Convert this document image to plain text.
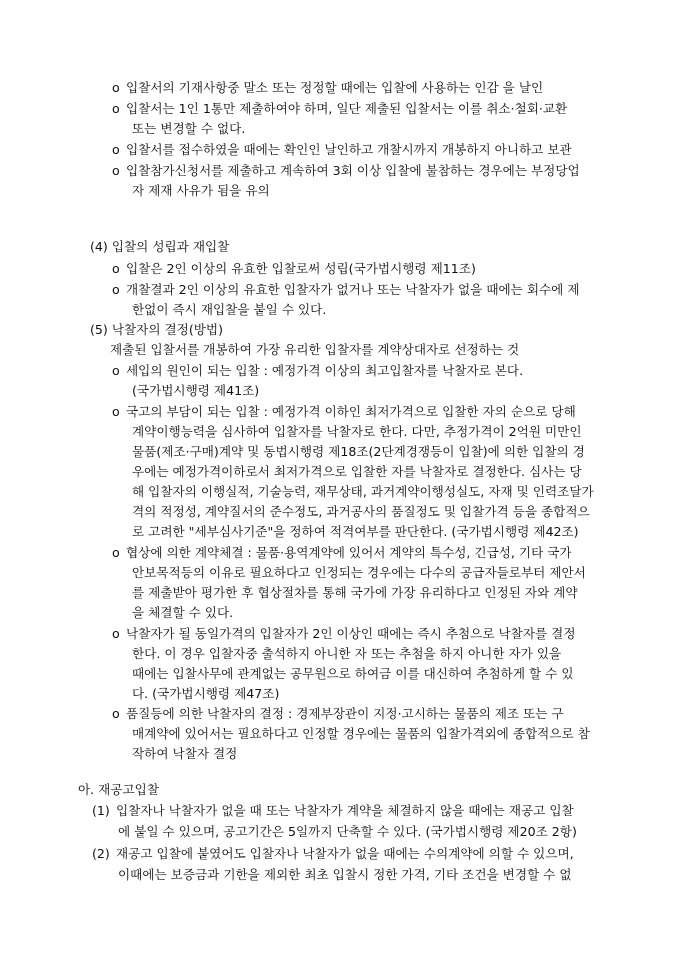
o 입찰서의 기재사항중 말소 또는 정정할 때에는 입찰에 사용하는 인감 을 날인
o 입찰서는 1인 1통만 제출하여야 하며, 일단 제출된 입찰서는 이를 취소·철회·교환
또는 변경할 수 없다.
o 입찰서를 접수하였을 때에는 확인인 날인하고 개찰시까지 개봉하지 아니하고 보관
o 입찰참가신청서를 제출하고 계속하여 3회 이상 입찰에 불참하는 경우에는 부정당업
자 제재 사유가 됨을 유의
(4) 입찰의 성립과 재입찰
o 입찰은 2인 이상의 유효한 입찰로써 성립(국가법시행령 제11조)
o 개찰결과 2인 이상의 유효한 입찰자가 없거나 또는 낙찰자가 없을 때에는 회수에 제
한없이 즉시 재입찰을 붙일 수 있다.
(5) 낙찰자의 결정(방법)
제출된 입찰서를 개봉하여 가장 유리한 입찰자를 계약상대자로 선정하는 것
o 세입의 원인이 되는 입찰 : 예정가격 이상의 최고입찰자를 낙찰자로 본다.
(국가법시행령 제41조)
o 국고의 부담이 되는 입찰 : 예정가격 이하인 최저가격으로 입찰한 자의 순으로 당해
계약이행능력을 심사하여 입찰자를 낙찰자로 한다. 다만, 추정가격이 2억원 미만인
물품(제조·구매)계약 및 동법시행령 제18조(2단계경쟁등이 입찰)에 의한 입찰의 경
우에는 예정가격이하로서 최저가격으로 입찰한 자를 낙찰자로 결정한다. 심사는 당
해 입찰자의 이행실적, 기술능력, 재무상태, 과거계약이행성실도, 자재 및 인력조달가
격의 적정성, 계약질서의 준수정도, 과거공사의 품질정도 및 입찰가격 등을 종합적으
로 고려한 "세부심사기준"을 정하여 적격여부를 판단한다. (국가법시행령 제42조)
o 협상에 의한 계약체결 : 물품·용역계약에 있어서 계약의 특수성, 긴급성, 기타 국가
안보목적등의 이유로 필요하다고 인정되는 경우에는 다수의 공급자들로부터 제안서
를 제출받아 평가한 후 협상절차를 통해 국가에 가장 유리하다고 인정된 자와 계약
을 체결할 수 있다.
o 낙찰자가 될 동일가격의 입찰자가 2인 이상인 때에는 즉시 추첨으로 낙찰자를 결정
한다. 이 경우 입찰자중 출석하지 아니한 자 또는 추첨을 하지 아니한 자가 있을
때에는 입찰사무에 관계없는 공무원으로 하여금 이를 대신하여 추첨하게 할 수 있
다. (국가법시행령 제47조)
o 품질등에 의한 낙찰자의 결정 : 경제부장관이 지정·고시하는 물품의 제조 또는 구
매계약에 있어서는 필요하다고 인정할 경우에는 물품의 입찰가격외에 종합적으로 참
작하여 낙찰자 결정
아. 재공고입찰
(1) 입찰자나 낙찰자가 없을 때 또는 낙찰자가 계약을 체결하지 않을 때에는 재공고 입찰
에 붙일 수 있으며, 공고기간은 5일까지 단축할 수 있다. (국가법시행령 제20조 2항)
(2) 재공고 입찰에 붙였어도 입찰자나 낙찰자가 없을 때에는 수의계약에 의할 수 있으며,
이때에는 보증금과 기한을 제외한 최초 입찰시 정한 가격, 기타 조건을 변경할 수 없
